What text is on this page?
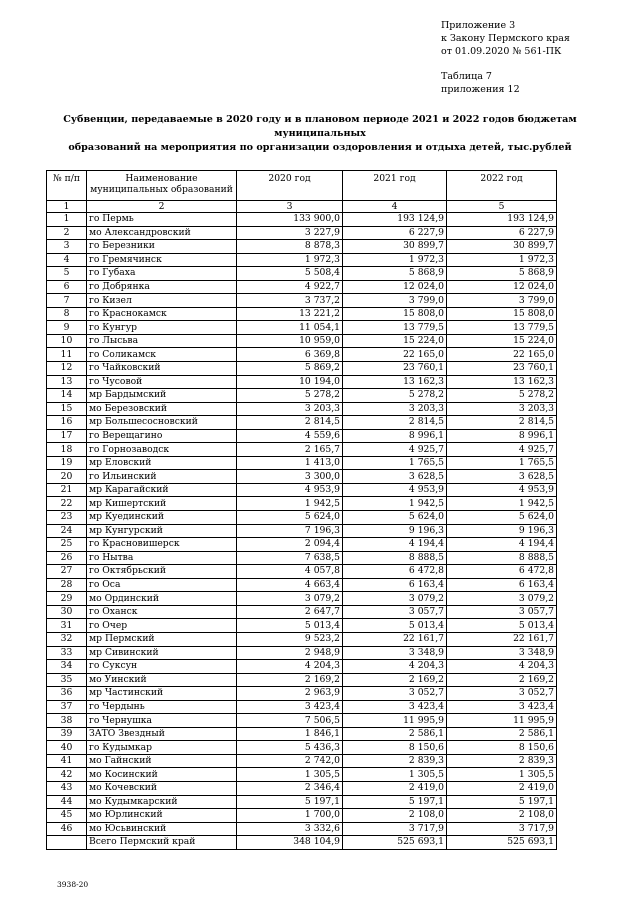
Приложение 3
к Закону Пермского края
от 01.09.2020 № 561-ПК
Таблица 7
приложения 12
Субвенции, передаваемые в 2020 году и в плановом периоде 2021 и 2022 годов бюджетам муниципальных
образований на мероприятия по организации оздоровления и отдыха детей, тыс.рублей
№ п/п	Наименование муниципальных образований	2020 год	2021 год	2022 год
1	2	3	4	5
1	го Пермь	133 900,0	193 124,9	193 124,9
2	мо Александровский	3 227,9	6 227,9	6 227,9
3	го Березники	8 878,3	30 899,7	30 899,7
4	го Гремячинск	1 972,3	1 972,3	1 972,3
5	го Губаха	5 508,4	5 868,9	5 868,9
6	го Добрянка	4 922,7	12 024,0	12 024,0
7	го Кизел	3 737,2	3 799,0	3 799,0
8	го Краснокамск	13 221,2	15 808,0	15 808,0
9	го Кунгур	11 054,1	13 779,5	13 779,5
10	го Лысьва	10 959,0	15 224,0	15 224,0
11	го Соликамск	6 369,8	22 165,0	22 165,0
12	го Чайковский	5 869,2	23 760,1	23 760,1
13	го Чусовой	10 194,0	13 162,3	13 162,3
14	мр Бардымский	5 278,2	5 278,2	5 278,2
15	мо Березовский	3 203,3	3 203,3	3 203,3
16	мр Большесосновский	2 814,5	2 814,5	2 814,5
17	го Верещагино	4 559,6	8 996,1	8 996,1
18	го Горнозаводск	2 165,7	4 925,7	4 925,7
19	мр Еловский	1 413,0	1 765,5	1 765,5
20	го Ильинский	3 300,0	3 628,5	3 628,5
21	мр Карагайский	4 953,9	4 953,9	4 953,9
22	мр Кишертский	1 942,5	1 942,5	1 942,5
23	мр Куединский	5 624,0	5 624,0	5 624,0
24	мр Кунгурский	7 196,3	9 196,3	9 196,3
25	го Красновишерск	2 094,4	4 194,4	4 194,4
26	го Нытва	7 638,5	8 888,5	8 888,5
27	го Октябрьский	4 057,8	6 472,8	6 472,8
28	го Оса	4 663,4	6 163,4	6 163,4
29	мо Ординский	3 079,2	3 079,2	3 079,2
30	го Оханск	2 647,7	3 057,7	3 057,7
31	го Очер	5 013,4	5 013,4	5 013,4
32	мр Пермский	9 523,2	22 161,7	22 161,7
33	мр Сивинский	2 948,9	3 348,9	3 348,9
34	го Суксун	4 204,3	4 204,3	4 204,3
35	мо Уинский	2 169,2	2 169,2	2 169,2
36	мр Частинский	2 963,9	3 052,7	3 052,7
37	го Чердынь	3 423,4	3 423,4	3 423,4
38	го Чернушка	7 506,5	11 995,9	11 995,9
39	ЗАТО Звездный	1 846,1	2 586,1	2 586,1
40	го Кудымкар	5 436,3	8 150,6	8 150,6
41	мо Гайнский	2 742,0	2 839,3	2 839,3
42	мо Косинский	1 305,5	1 305,5	1 305,5
43	мо Кочевский	2 346,4	2 419,0	2 419,0
44	мо Кудымкарский	5 197,1	5 197,1	5 197,1
45	мо Юрлинский	1 700,0	2 108,0	2 108,0
46	мо Юсьвинский	3 332,6	3 717,9	3 717,9
	Всего Пермский край	348 104,9	525 693,1	525 693,1
3938-20
